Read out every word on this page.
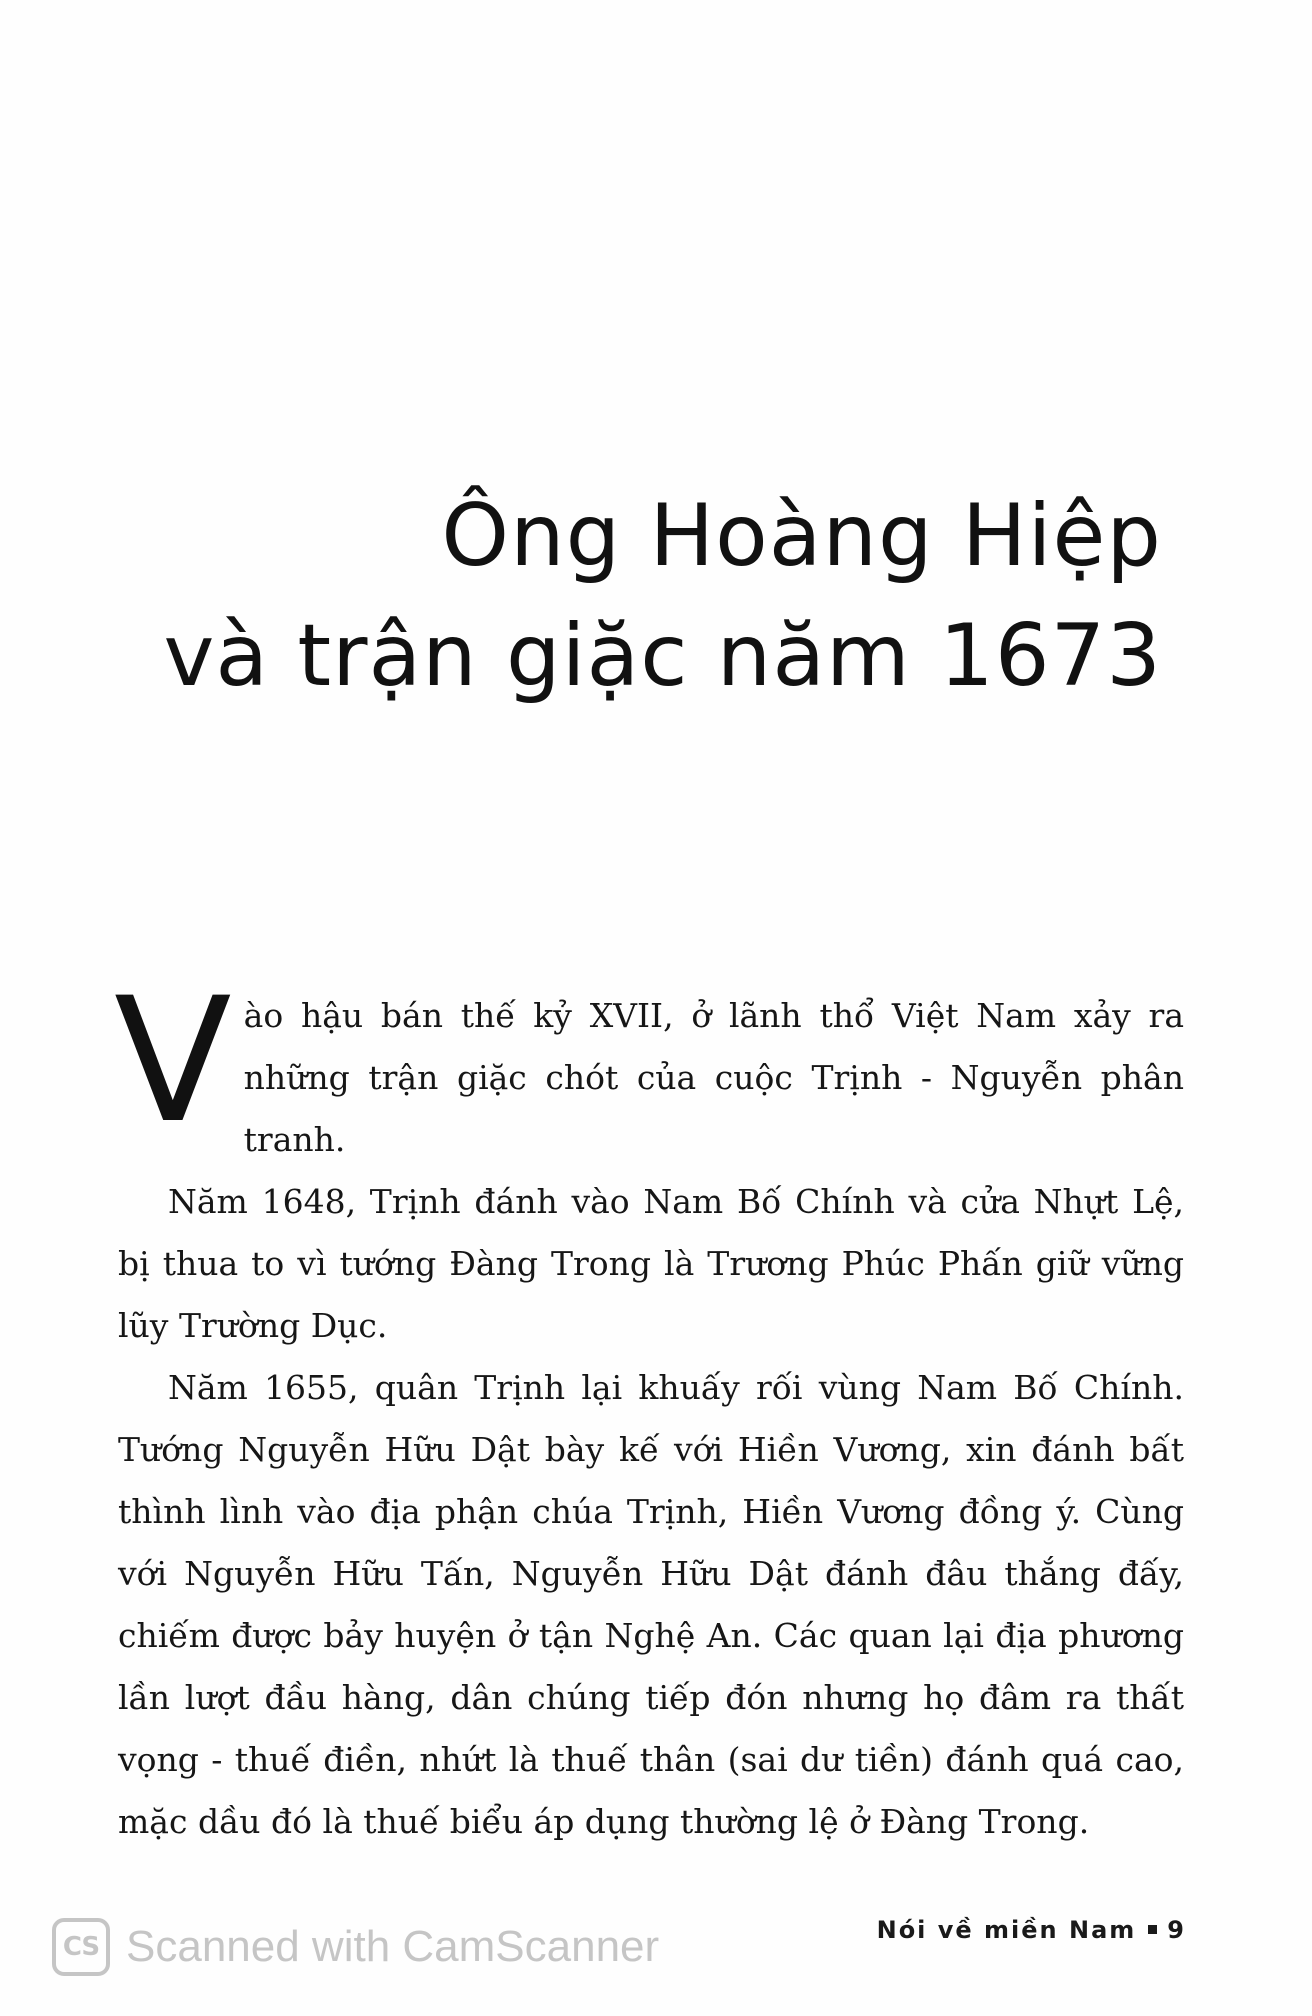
Ông Hoàng Hiệp
và trận giặc năm 1673

Vào hậu bán thế kỷ XVII, ở lãnh thổ Việt Nam xảy ra những trận giặc chót của cuộc Trịnh - Nguyễn phân tranh.

Năm 1648, Trịnh đánh vào Nam Bố Chính và cửa Nhựt Lệ, bị thua to vì tướng Đàng Trong là Trương Phúc Phấn giữ vững lũy Trường Dục.

Năm 1655, quân Trịnh lại khuấy rối vùng Nam Bố Chính. Tướng Nguyễn Hữu Dật bày kế với Hiền Vương, xin đánh bất thình lình vào địa phận chúa Trịnh, Hiền Vương đồng ý. Cùng với Nguyễn Hữu Tấn, Nguyễn Hữu Dật đánh đâu thắng đấy, chiếm được bảy huyện ở tận Nghệ An. Các quan lại địa phương lần lượt đầu hàng, dân chúng tiếp đón nhưng họ đâm ra thất vọng - thuế điền, nhứt là thuế thân (sai dư tiền) đánh quá cao, mặc dầu đó là thuế biểu áp dụng thường lệ ở Đàng Trong.

Nói về miền Nam 9
CS Scanned with CamScanner
